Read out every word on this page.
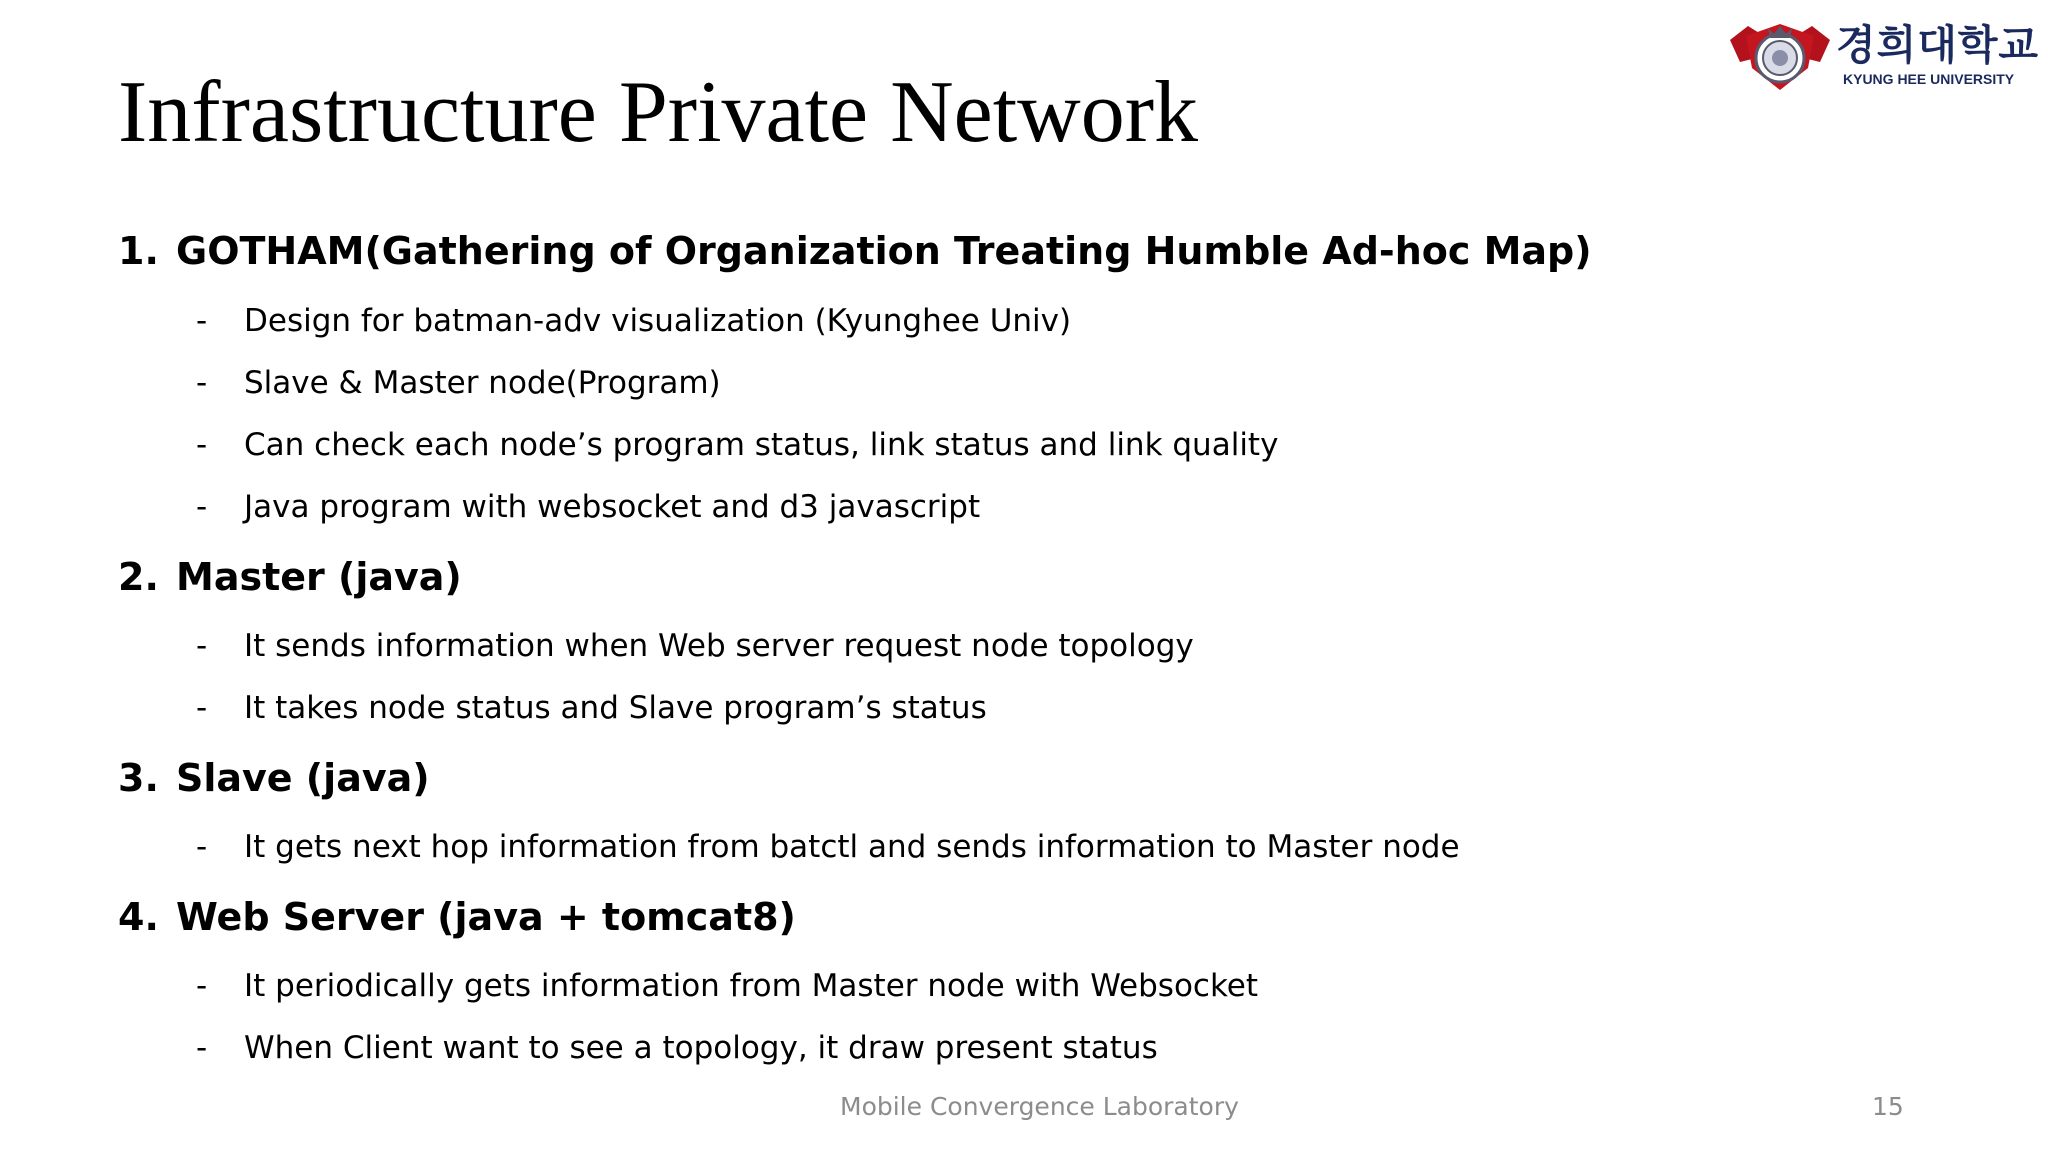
Infrastructure Private Network
경희대학교
KYUNG HEE UNIVERSITY
1. GOTHAM(Gathering of Organization Treating Humble Ad-hoc Map)
- Design for batman-adv visualization (Kyunghee Univ)
- Slave & Master node(Program)
- Can check each node’s program status, link status and link quality
- Java program with websocket and d3 javascript
2. Master (java)
- It sends information when Web server request node topology
- It takes node status and Slave program’s status
3. Slave (java)
- It gets next hop information from batctl and sends information to Master node
4. Web Server (java + tomcat8)
- It periodically gets information from Master node with Websocket
- When Client want to see a topology, it draw present status
Mobile Convergence Laboratory	15
